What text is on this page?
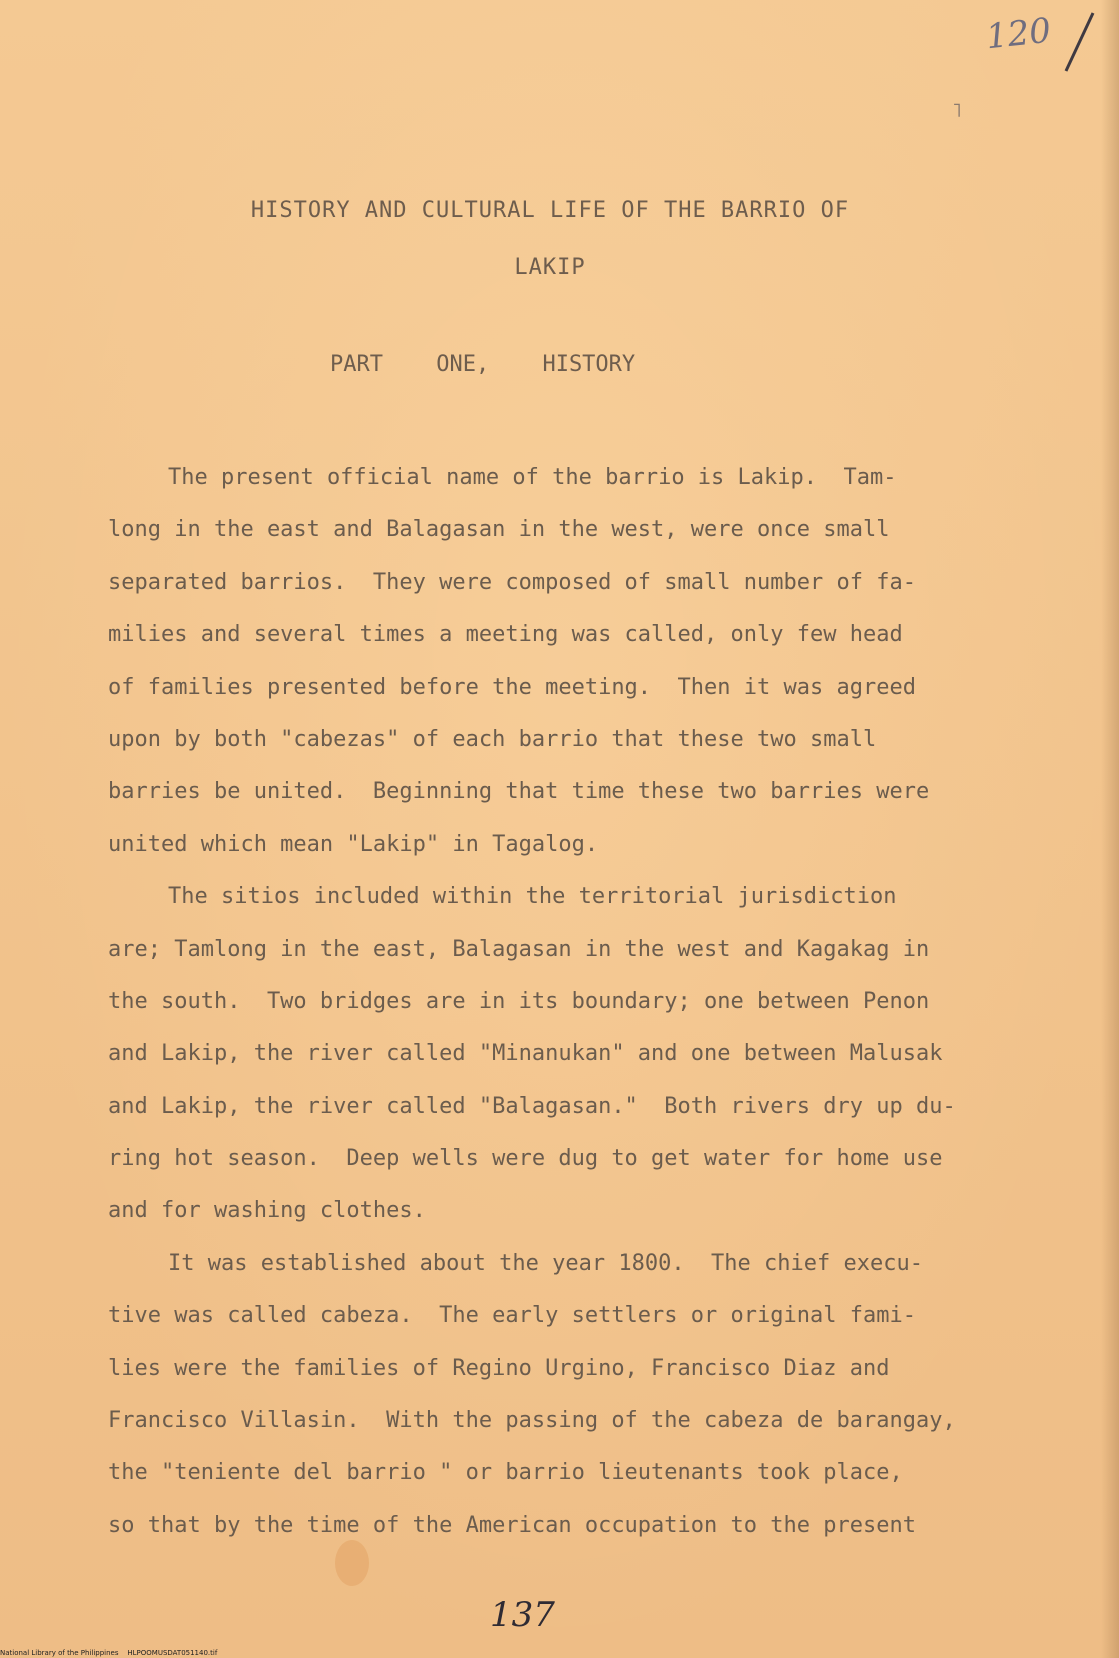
120
˥
HISTORY AND CULTURAL LIFE OF THE BARRIO OF
LAKIP
PART ONE, HISTORY
The present official name of the barrio is Lakip.  Tam-
long in the east and Balagasan in the west, were once small
separated barrios.  They were composed of small number of fa-
milies and several times a meeting was called, only few head
of families presented before the meeting.  Then it was agreed
upon by both "cabezas" of each barrio that these two small
barries be united.  Beginning that time these two barries were
united which mean "Lakip" in Tagalog.
The sitios included within the territorial jurisdiction
are; Tamlong in the east, Balagasan in the west and Kagakag in
the south.  Two bridges are in its boundary; one between Penon
and Lakip, the river called "Minanukan" and one between Malusak
and Lakip, the river called "Balagasan."  Both rivers dry up du-
ring hot season.  Deep wells were dug to get water for home use
and for washing clothes.
It was established about the year 1800.  The chief execu-
tive was called cabeza.  The early settlers or original fami-
lies were the families of Regino Urgino, Francisco Diaz and
Francisco Villasin.  With the passing of the cabeza de barangay,
the "teniente del barrio " or barrio lieutenants took place,
so that by the time of the American occupation to the present
137
National Library of the Philippines    HLPOOMUSDAT051140.tif
